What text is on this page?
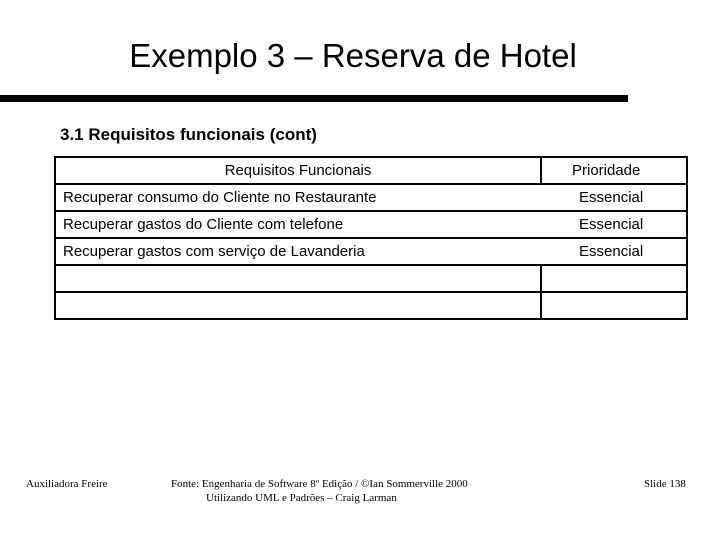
Exemplo 3 – Reserva de Hotel
3.1 Requisitos funcionais (cont)
Requisitos Funcionais	Prioridade
Recuperar consumo do Cliente no Restaurante	Essencial
Recuperar gastos do Cliente com telefone	Essencial
Recuperar gastos com serviço de Lavanderia	Essencial

Auxiliadora Freire	Fonte: Engenharia de Software 8º Edição / ©Ian Sommerville 2000
Utilizando UML e Padrões – Craig Larman
Slide 138
